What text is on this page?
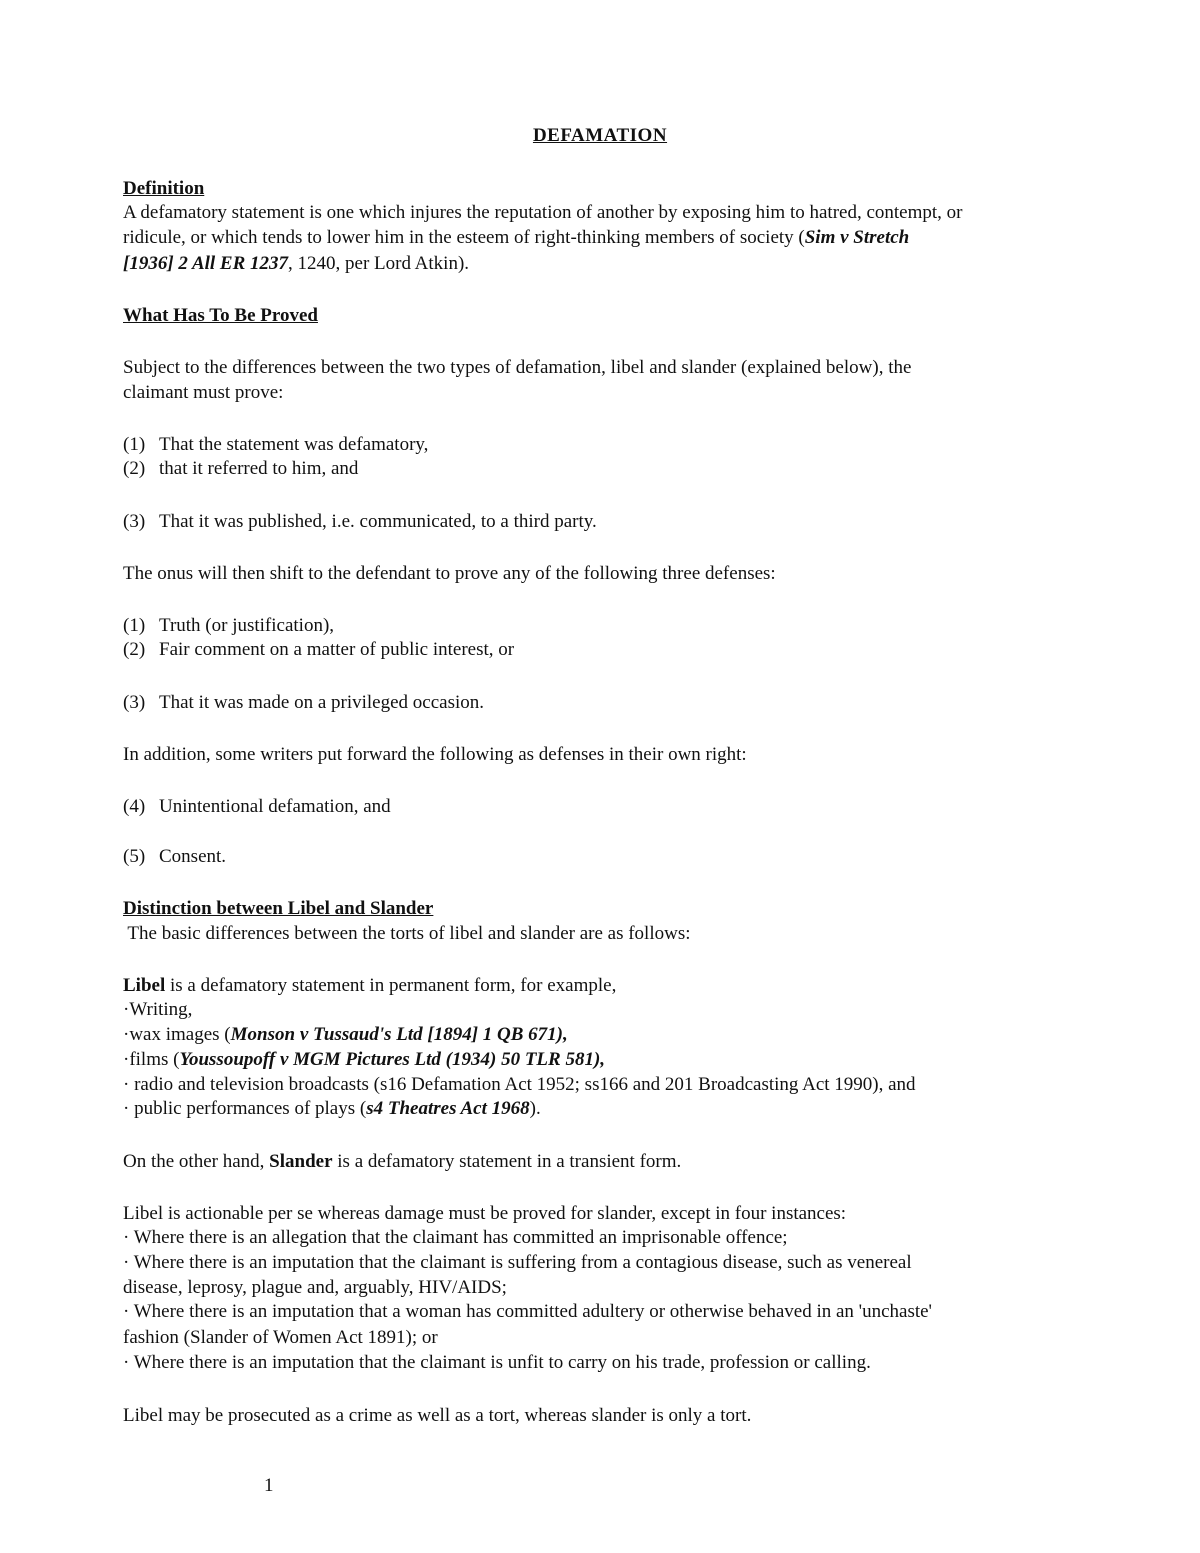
DEFAMATION
Definition
A defamatory statement is one which injures the reputation of another by exposing him to hatred, contempt, or
ridicule, or which tends to lower him in the esteem of right-thinking members of society (Sim v Stretch
[1936] 2 All ER 1237, 1240, per Lord Atkin).
What Has To Be Proved
Subject to the differences between the two types of defamation, libel and slander (explained below), the
claimant must prove:
(1) That the statement was defamatory,
(2) that it referred to him, and
(3) That it was published, i.e. communicated, to a third party.
The onus will then shift to the defendant to prove any of the following three defenses:
(1) Truth (or justification),
(2) Fair comment on a matter of public interest, or
(3) That it was made on a privileged occasion.
In addition, some writers put forward the following as defenses in their own right:
(4) Unintentional defamation, and
(5) Consent.
Distinction between Libel and Slander
The basic differences between the torts of libel and slander are as follows:
Libel is a defamatory statement in permanent form, for example,
·Writing,
·wax images (Monson v Tussaud's Ltd [1894] 1 QB 671),
·films (Youssoupoff v MGM Pictures Ltd (1934) 50 TLR 581),
· radio and television broadcasts (s16 Defamation Act 1952; ss166 and 201 Broadcasting Act 1990), and
· public performances of plays (s4 Theatres Act 1968).
On the other hand, Slander is a defamatory statement in a transient form.
Libel is actionable per se whereas damage must be proved for slander, except in four instances:
· Where there is an allegation that the claimant has committed an imprisonable offence;
· Where there is an imputation that the claimant is suffering from a contagious disease, such as venereal
disease, leprosy, plague and, arguably, HIV/AIDS;
· Where there is an imputation that a woman has committed adultery or otherwise behaved in an 'unchaste'
fashion (Slander of Women Act 1891); or
· Where there is an imputation that the claimant is unfit to carry on his trade, profession or calling.
Libel may be prosecuted as a crime as well as a tort, whereas slander is only a tort.
1
